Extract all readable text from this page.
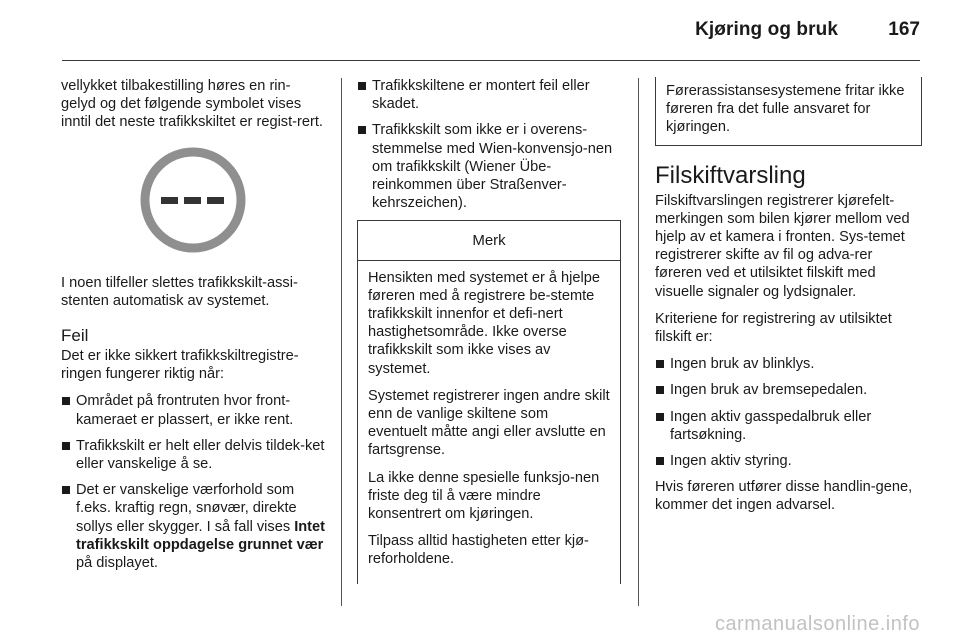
Kjøring og bruk	167

vellykket tilbakestilling høres en rin-gelyd og det følgende symbolet vises inntil det neste trafikkskiltet er regist-rert.

I noen tilfeller slettes trafikkskilt-assi-stenten automatisk av systemet.

Feil

Det er ikke sikkert trafikkskiltregistre-ringen fungerer riktig når:

Området på frontruten hvor front-kameraet er plassert, er ikke rent.
Trafikkskilt er helt eller delvis tildek-ket eller vanskelige å se.
Det er vanskelige værforhold som f.eks. kraftig regn, snøvær, direkte sollys eller skygger. I så fall vises Intet trafikkskilt oppdagelse grunnet vær på displayet.
Trafikkskiltene er montert feil eller skadet.
Trafikkskilt som ikke er i overens-stemmelse med Wien-konvensjo-nen om trafikkskilt (Wiener Übe-reinkommen über Straßenver-kehrszeichen).
Merk

Hensikten med systemet er å hjelpe føreren med å registrere be-stemte trafikkskilt innenfor et defi-nert hastighetsområde. Ikke overse trafikkskilt som ikke vises av systemet.

Systemet registrerer ingen andre skilt enn de vanlige skiltene som eventuelt måtte angi eller avslutte en fartsgrense.

La ikke denne spesielle funksjo-nen friste deg til å være mindre konsentrert om kjøringen.

Tilpass alltid hastigheten etter kjø-reforholdene.

Førerassistansesystemene fritar ikke føreren fra det fulle ansvaret for kjøringen.
Filskiftvarsling

Filskiftvarslingen registrerer kjørefelt-merkingen som bilen kjører mellom ved hjelp av et kamera i fronten. Sys-temet registrerer skifte av fil og adva-rer føreren ved et utilsiktet filskift med visuelle signaler og lydsignaler.

Kriteriene for registrering av utilsiktet filskift er:

Ingen bruk av blinklys.
Ingen bruk av bremsepedalen.
Ingen aktiv gasspedalbruk eller fartsøkning.
Ingen aktiv styring.

Hvis føreren utfører disse handlin-gene, kommer det ingen advarsel.

carmanualsonline.info
